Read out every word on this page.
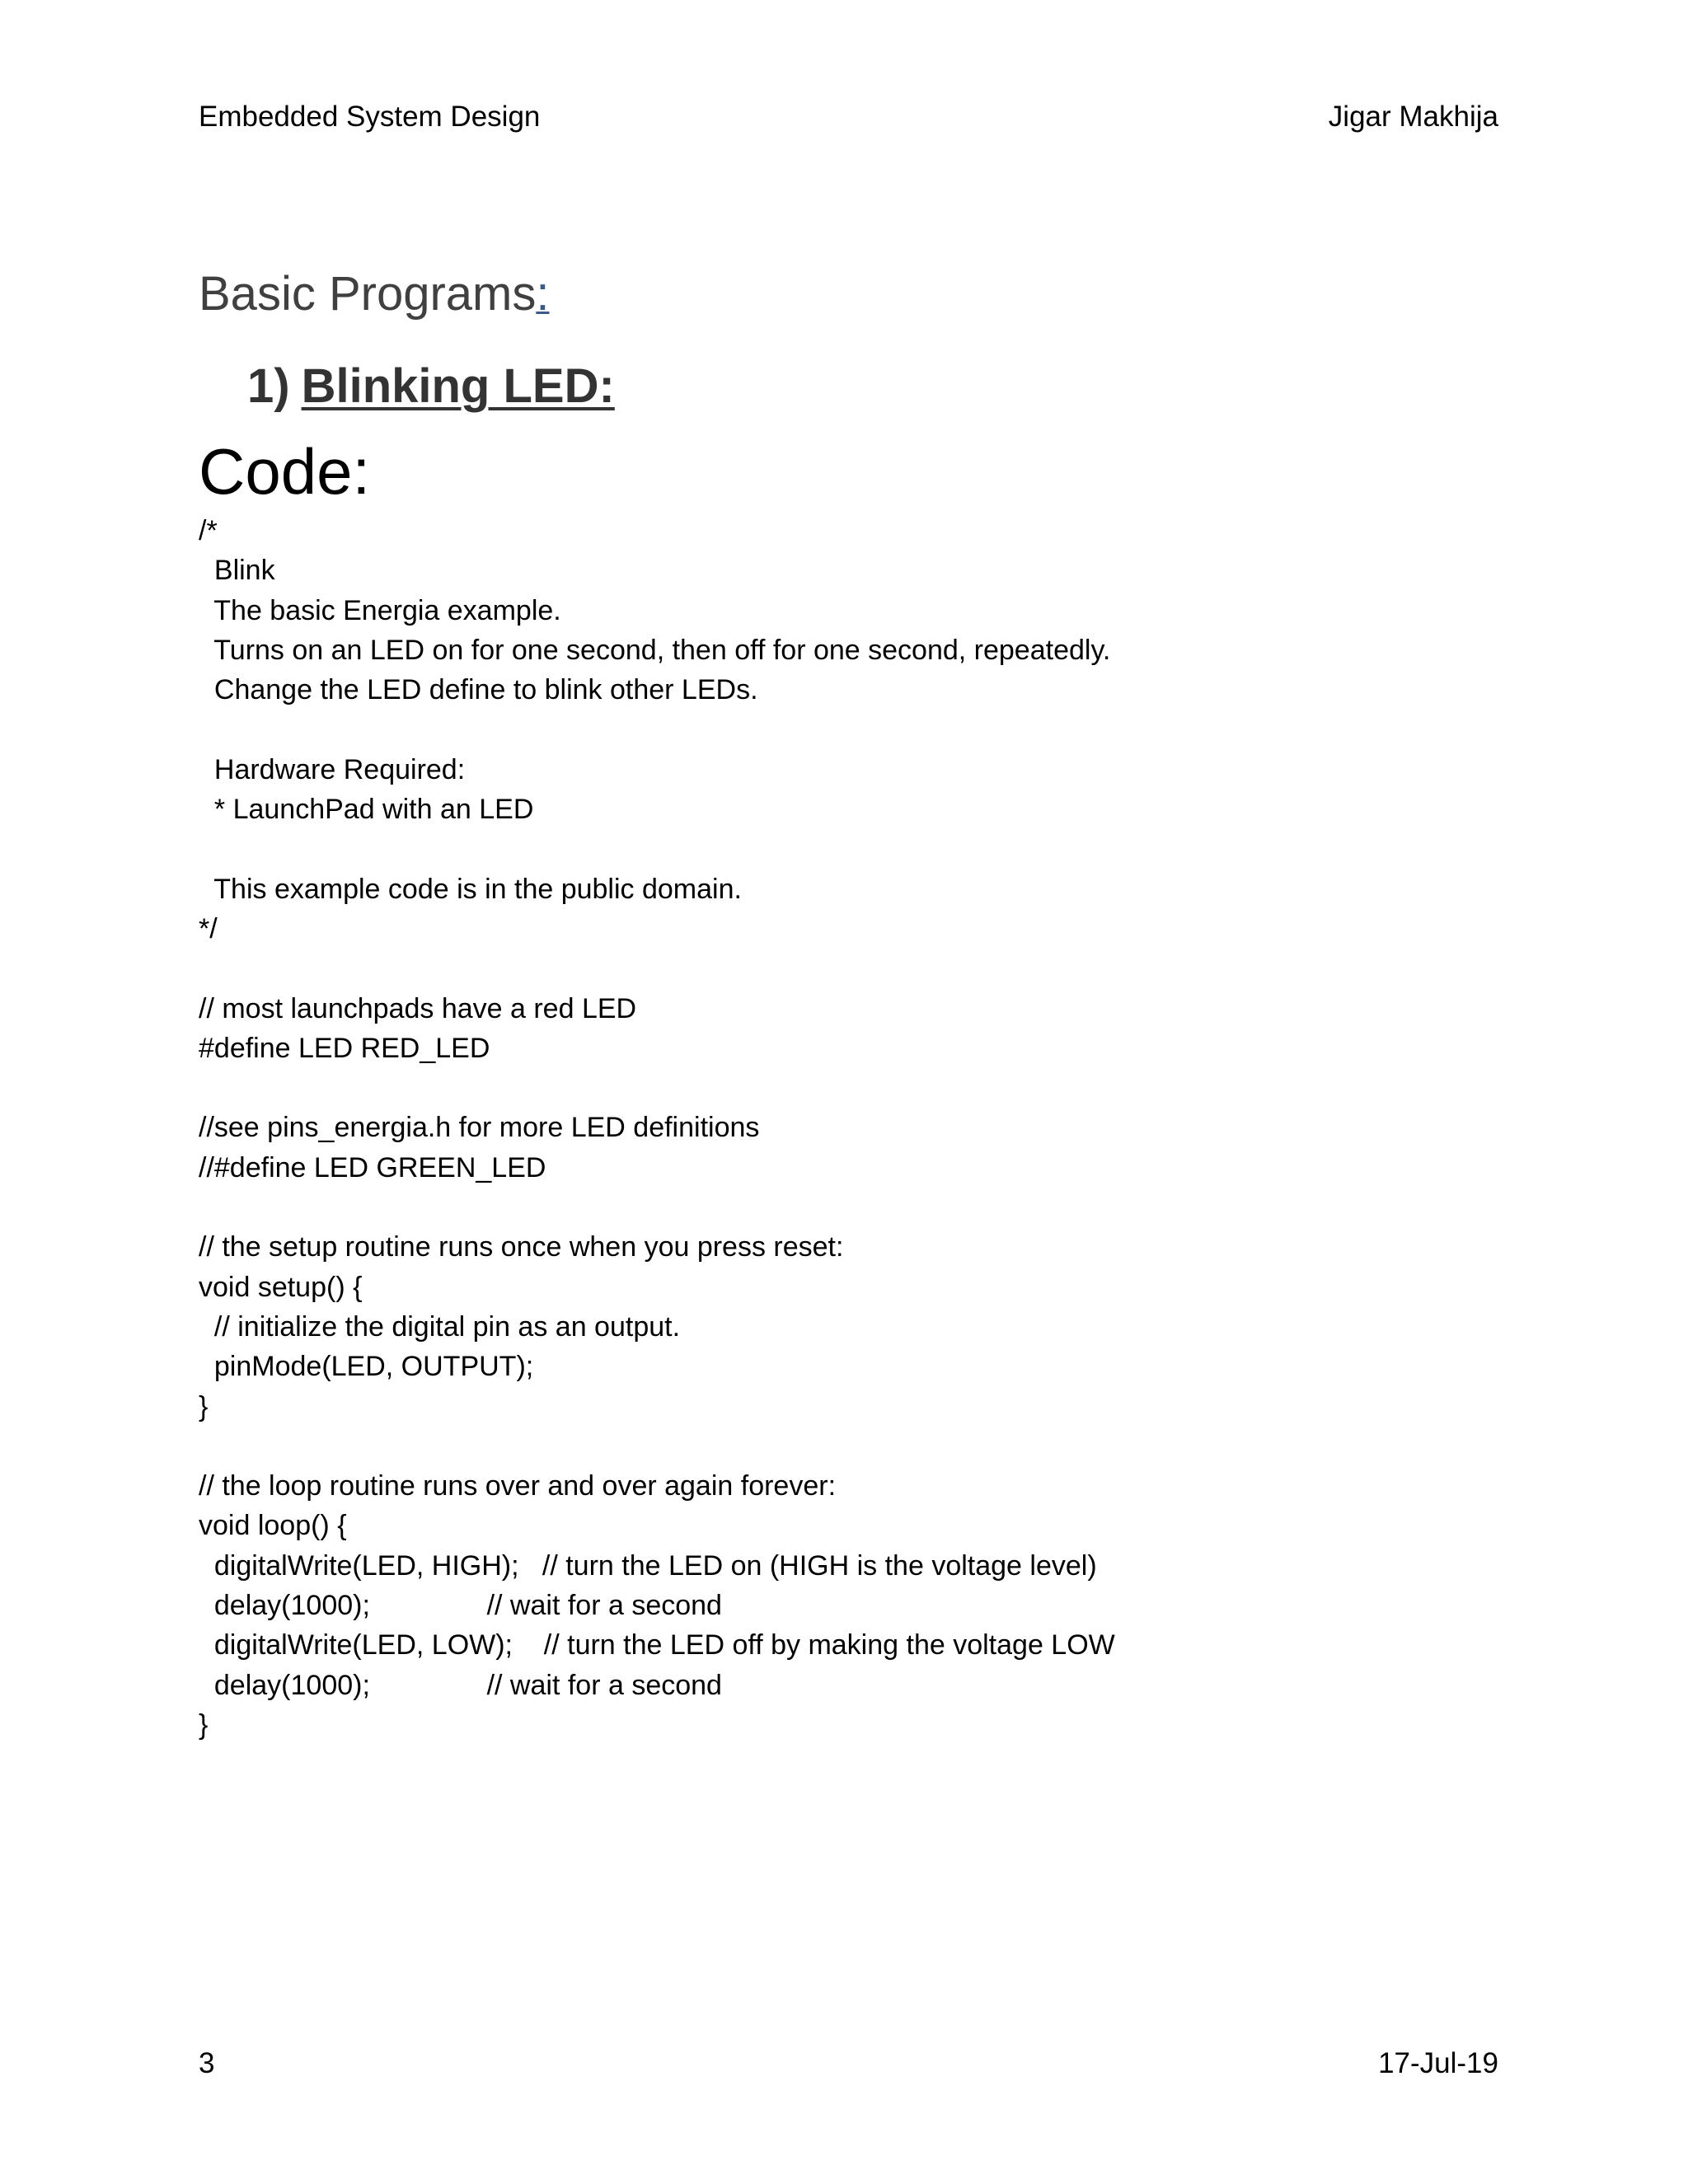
Embedded System Design	Jigar Makhija
Basic Programs:
1) Blinking LED:
Code:
/*
Blink
The basic Energia example.
Turns on an LED on for one second, then off for one second, repeatedly.
Change the LED define to blink other LEDs.
Hardware Required:
* LaunchPad with an LED
This example code is in the public domain.
*/
// most launchpads have a red LED
#define LED RED_LED
//see pins_energia.h for more LED definitions
//#define LED GREEN_LED
// the setup routine runs once when you press reset:
void setup() {
// initialize the digital pin as an output.
pinMode(LED, OUTPUT);
}
// the loop routine runs over and over again forever:
void loop() {
digitalWrite(LED, HIGH);   // turn the LED on (HIGH is the voltage level)
delay(1000);               // wait for a second
digitalWrite(LED, LOW);    // turn the LED off by making the voltage LOW
delay(1000);               // wait for a second
}
3	17-Jul-19
